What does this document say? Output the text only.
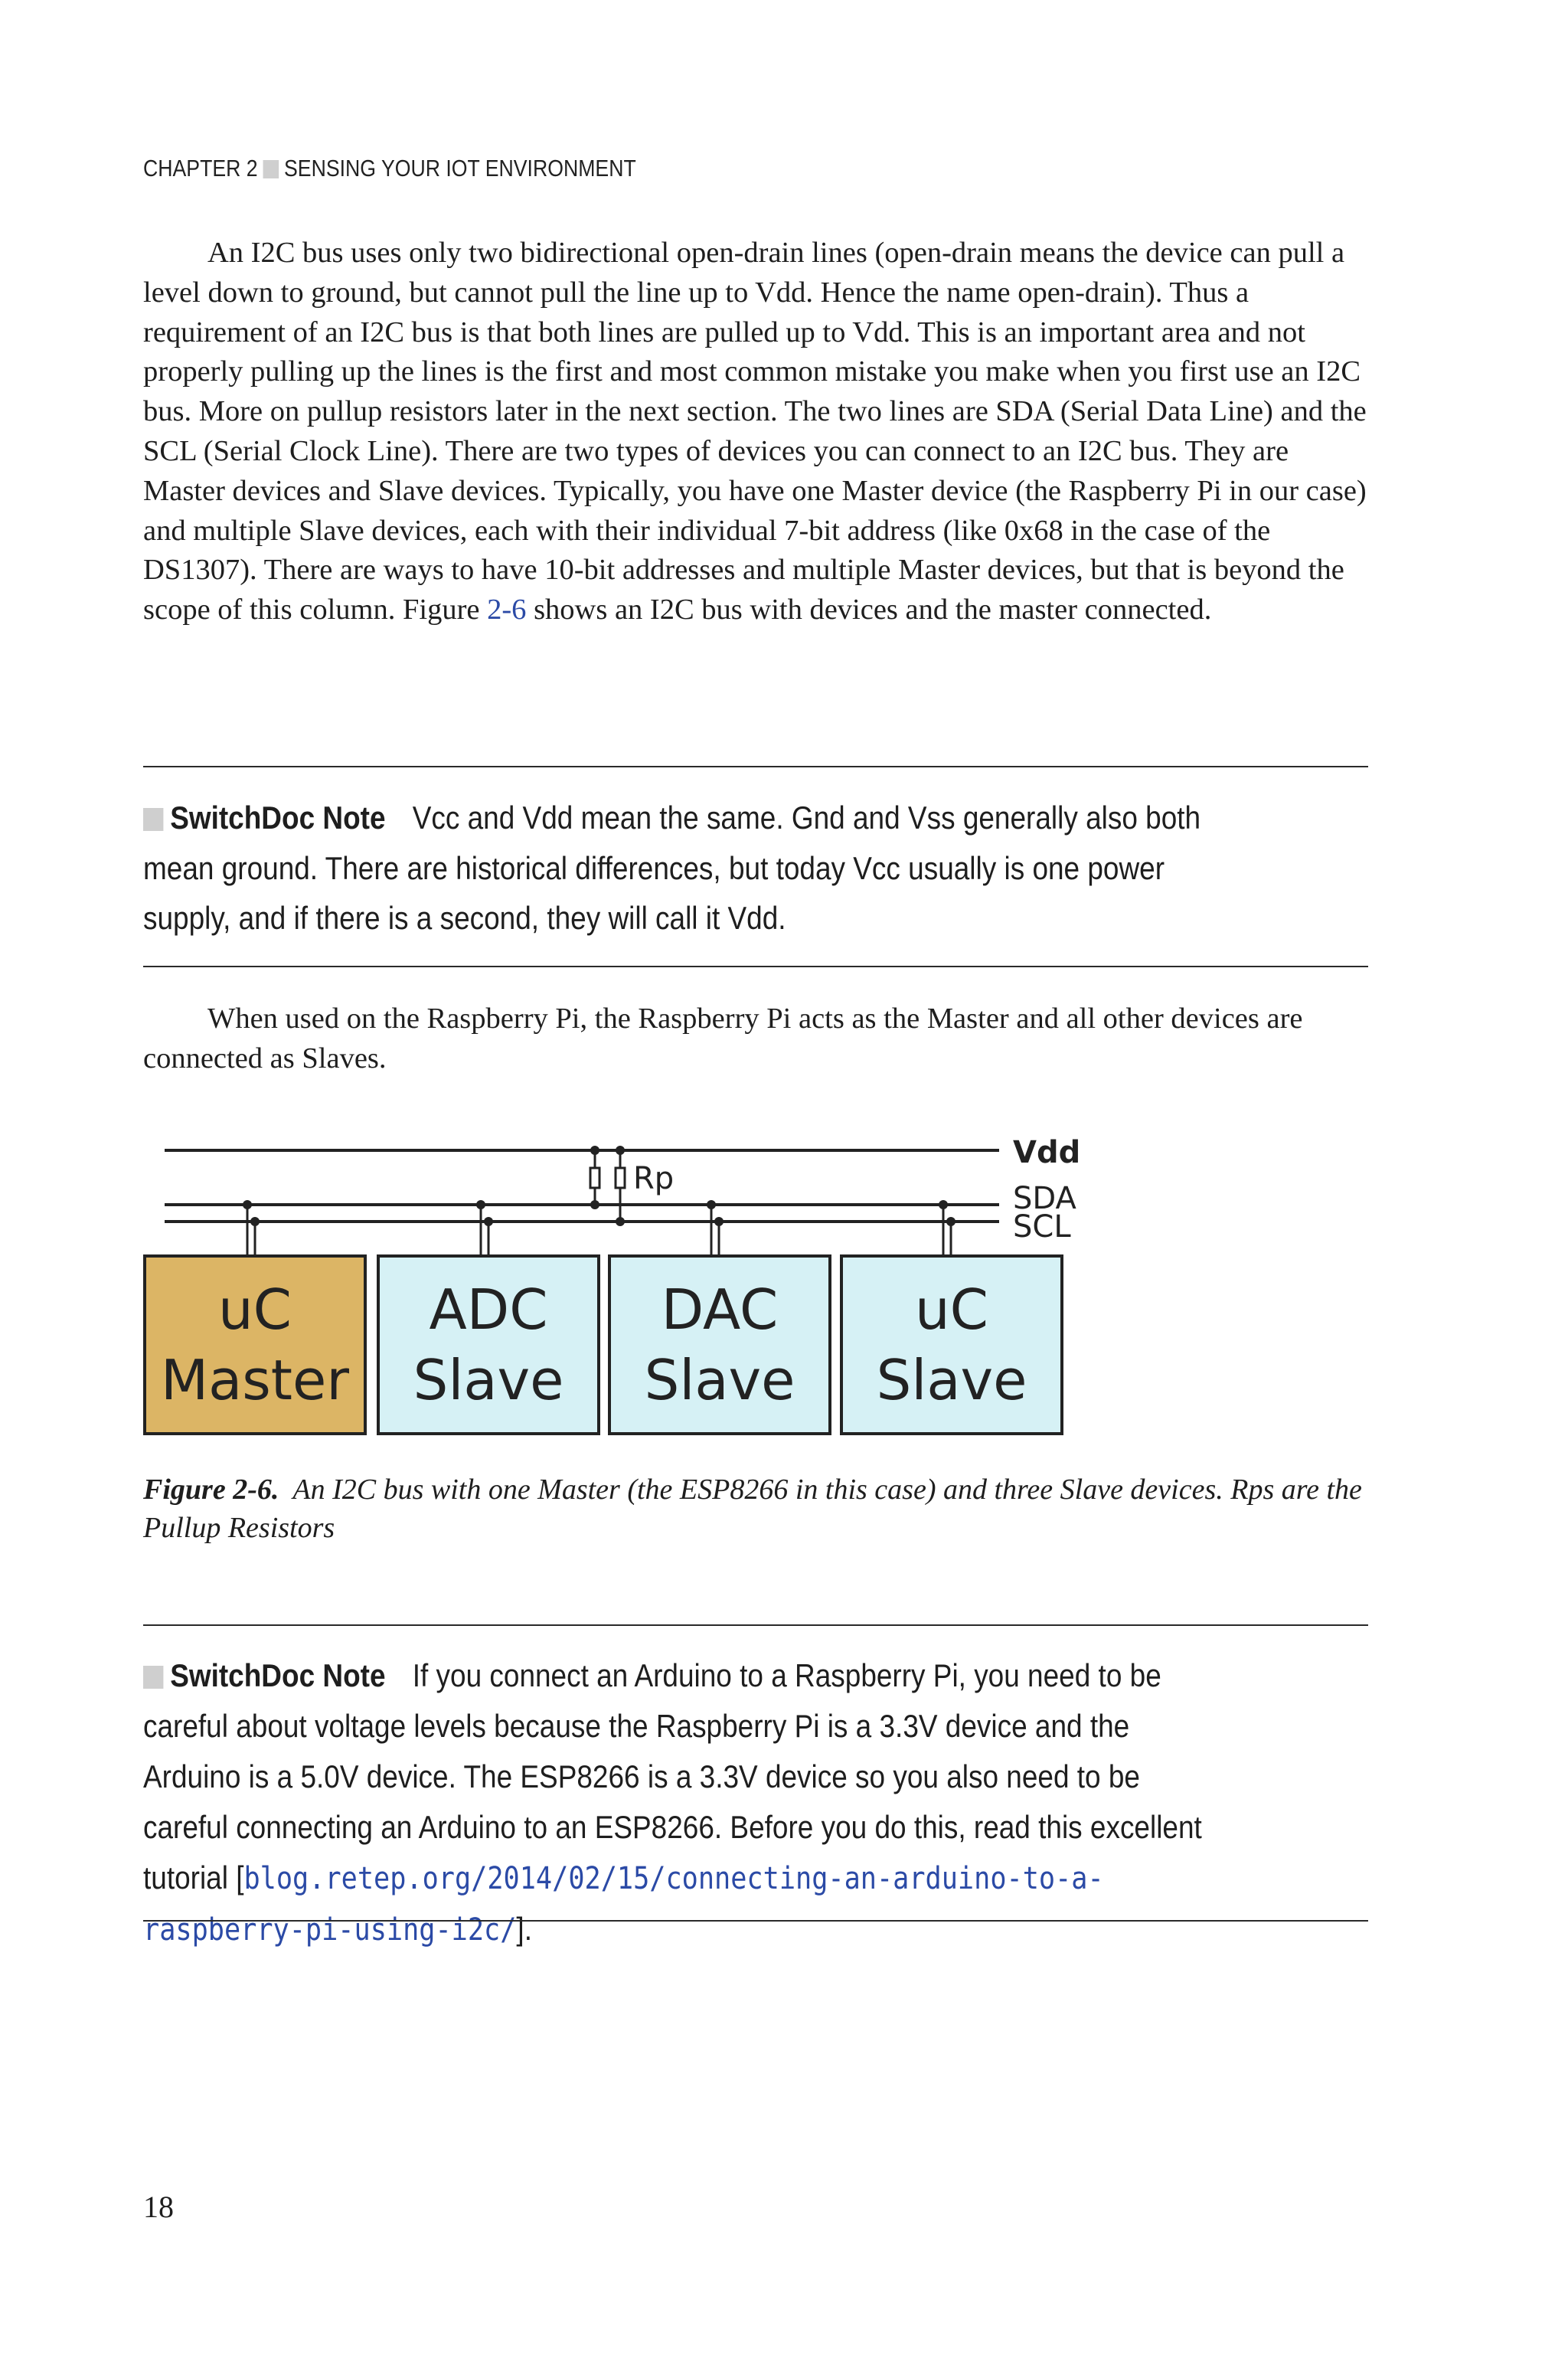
CHAPTER 2 SENSING YOUR IOT ENVIRONMENT

An I2C bus uses only two bidirectional open-drain lines (open-drain means the device can pull a level down to ground, but cannot pull the line up to Vdd. Hence the name open-drain). Thus a requirement of an I2C bus is that both lines are pulled up to Vdd. This is an important area and not properly pulling up the lines is the first and most common mistake you make when you first use an I2C bus. More on pullup resistors later in the next section. The two lines are SDA (Serial Data Line) and the SCL (Serial Clock Line). There are two types of devices you can connect to an I2C bus. They are Master devices and Slave devices. Typically, you have one Master device (the Raspberry Pi in our case) and multiple Slave devices, each with their individual 7-bit address (like 0x68 in the case of the DS1307). There are ways to have 10-bit addresses and multiple Master devices, but that is beyond the scope of this column. Figure 2-6 shows an I2C bus with devices and the master connected.

SwitchDoc Note Vcc and Vdd mean the same. Gnd and Vss generally also both mean ground. There are historical differences, but today Vcc usually is one power supply, and if there is a second, they will call it Vdd.

When used on the Raspberry Pi, the Raspberry Pi acts as the Master and all other devices are connected as Slaves.

Rp
Vdd
SDA
SCL
uC
Master
ADC
Slave
DAC
Slave
uC
Slave
Figure 2-6. An I2C bus with one Master (the ESP8266 in this case) and three Slave devices. Rps are the Pullup Resistors
SwitchDoc Note If you connect an Arduino to a Raspberry Pi, you need to be careful about voltage levels because the Raspberry Pi is a 3.3V device and the Arduino is a 5.0V device. The ESP8266 is a 3.3V device so you also need to be careful connecting an Arduino to an ESP8266. Before you do this, read this excellent tutorial [blog.retep.org/2014/02/15/connecting-an-arduino-to-a-raspberry-pi-using-i2c/].
18
